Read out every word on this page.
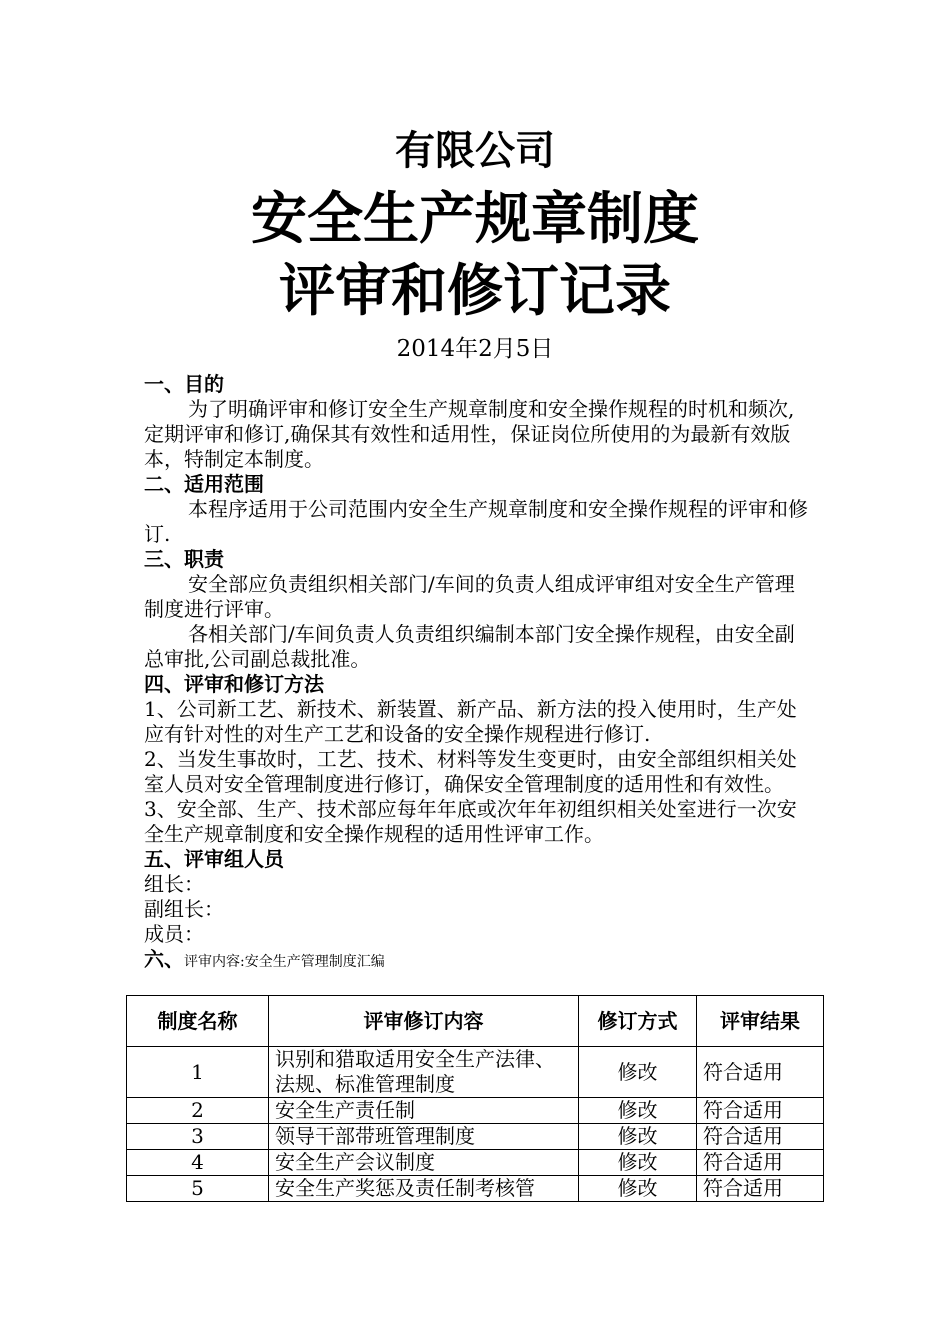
有限公司
安全生产规章制度
评审和修订记录
2014年2月5日

一、目的

为了明确评审和修订安全生产规章制度和安全操作规程的时机和频次,定期评审和修订,确保其有效性和适用性，保证岗位所使用的为最新有效版本，特制定本制度。

二、适用范围

本程序适用于公司范围内安全生产规章制度和安全操作规程的评审和修订.

三、职责

安全部应负责组织相关部门/车间的负责人组成评审组对安全生产管理制度进行评审。

各相关部门/车间负责人负责组织编制本部门安全操作规程，由安全副总审批,公司副总裁批准。

四、评审和修订方法

1、公司新工艺、新技术、新装置、新产品、新方法的投入使用时，生产处应有针对性的对生产工艺和设备的安全操作规程进行修订.

2、当发生事故时，工艺、技术、材料等发生变更时，由安全部组织相关处室人员对安全管理制度进行修订，确保安全管理制度的适用性和有效性。

3、安全部、生产、技术部应每年年底或次年年初组织相关处室进行一次安全生产规章制度和安全操作规程的适用性评审工作。

五、评审组人员

组长：

副组长：

成员：

六、评审内容:安全生产管理制度汇编

制度名称	评审修订内容	修订方式	评审结果
1	识别和猎取适用安全生产法律、法规、标准管理制度	修改	符合适用
2	安全生产责任制	修改	符合适用
3	领导干部带班管理制度	修改	符合适用
4	安全生产会议制度	修改	符合适用
5	安全生产奖惩及责任制考核管	修改	符合适用
